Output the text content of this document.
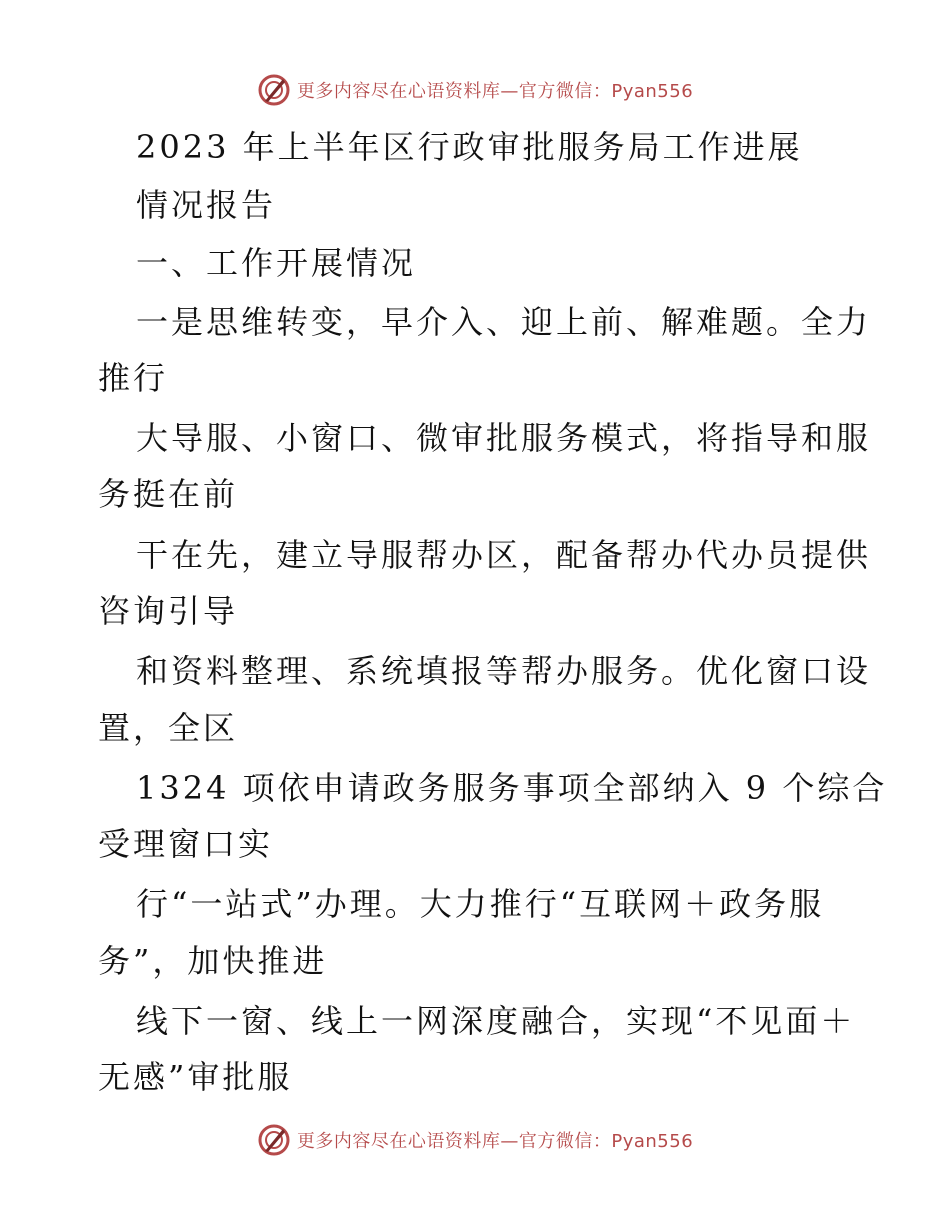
更多内容尽在心语资料库—官方微信：Pyan556
2023 年上半年区行政审批服务局工作进展
情况报告
一、工作开展情况
一是思维转变，早介入、迎上前、解难题。全力
推行
大导服、小窗口、微审批服务模式，将指导和服
务挺在前
干在先，建立导服帮办区，配备帮办代办员提供
咨询引导
和资料整理、系统填报等帮办服务。优化窗口设
置，全区
1324 项依申请政务服务事项全部纳入 9 个综合
受理窗口实
行“一站式”办理。大力推行“互联网＋政务服
务”，加快推进
线下一窗、线上一网深度融合，实现“不见面＋
无感”审批服
更多内容尽在心语资料库—官方微信：Pyan556
